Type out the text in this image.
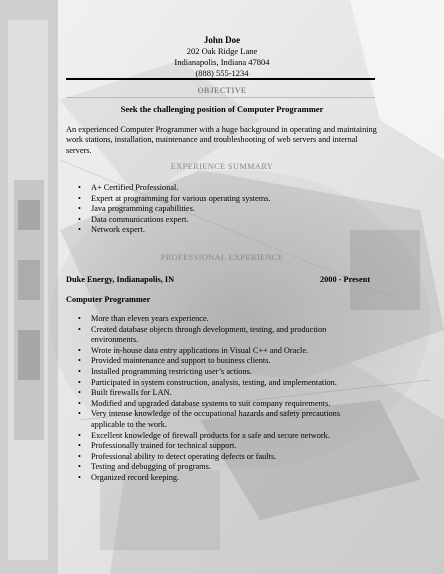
John Doe
202 Oak Ridge Lane
Indianapolis, Indiana 47804
(888) 555-1234
OBJECTIVE
Seek the challenging position of Computer Programmer
An experienced Computer Programmer with a huge background in operating and maintaining work stations, installation, maintenance and troubleshooting of web servers and internal servers.
EXPERIENCE SUMMARY
• A+ Certified Professional.
• Expert at programming for various operating systems.
• Java programming capabilities.
• Data communications expert.
• Network expert.
PROFESSIONAL EXPERIENCE
Duke Energy, Indianapolis, IN	2000 - Present
Computer Programmer
• More than eleven years experience.
• Created database objects through development, testing, and production environments.
• Wrote in-house data entry applications in Visual C++ and Oracle.
• Provided maintenance and support to business clients.
• Installed programming restricting user’s actions.
• Participated in system construction, analysis, testing, and implementation.
• Built firewalls for LAN.
• Modified and upgraded database systems to suit company requirements.
• Very intense knowledge of the occupational hazards and safety precautions applicable to the work.
• Excellent knowledge of firewall products for a safe and secure network.
• Professionally trained for technical support.
• Professional ability to detect operating defects or faults.
• Testing and debugging of programs.
• Organized record keeping.
